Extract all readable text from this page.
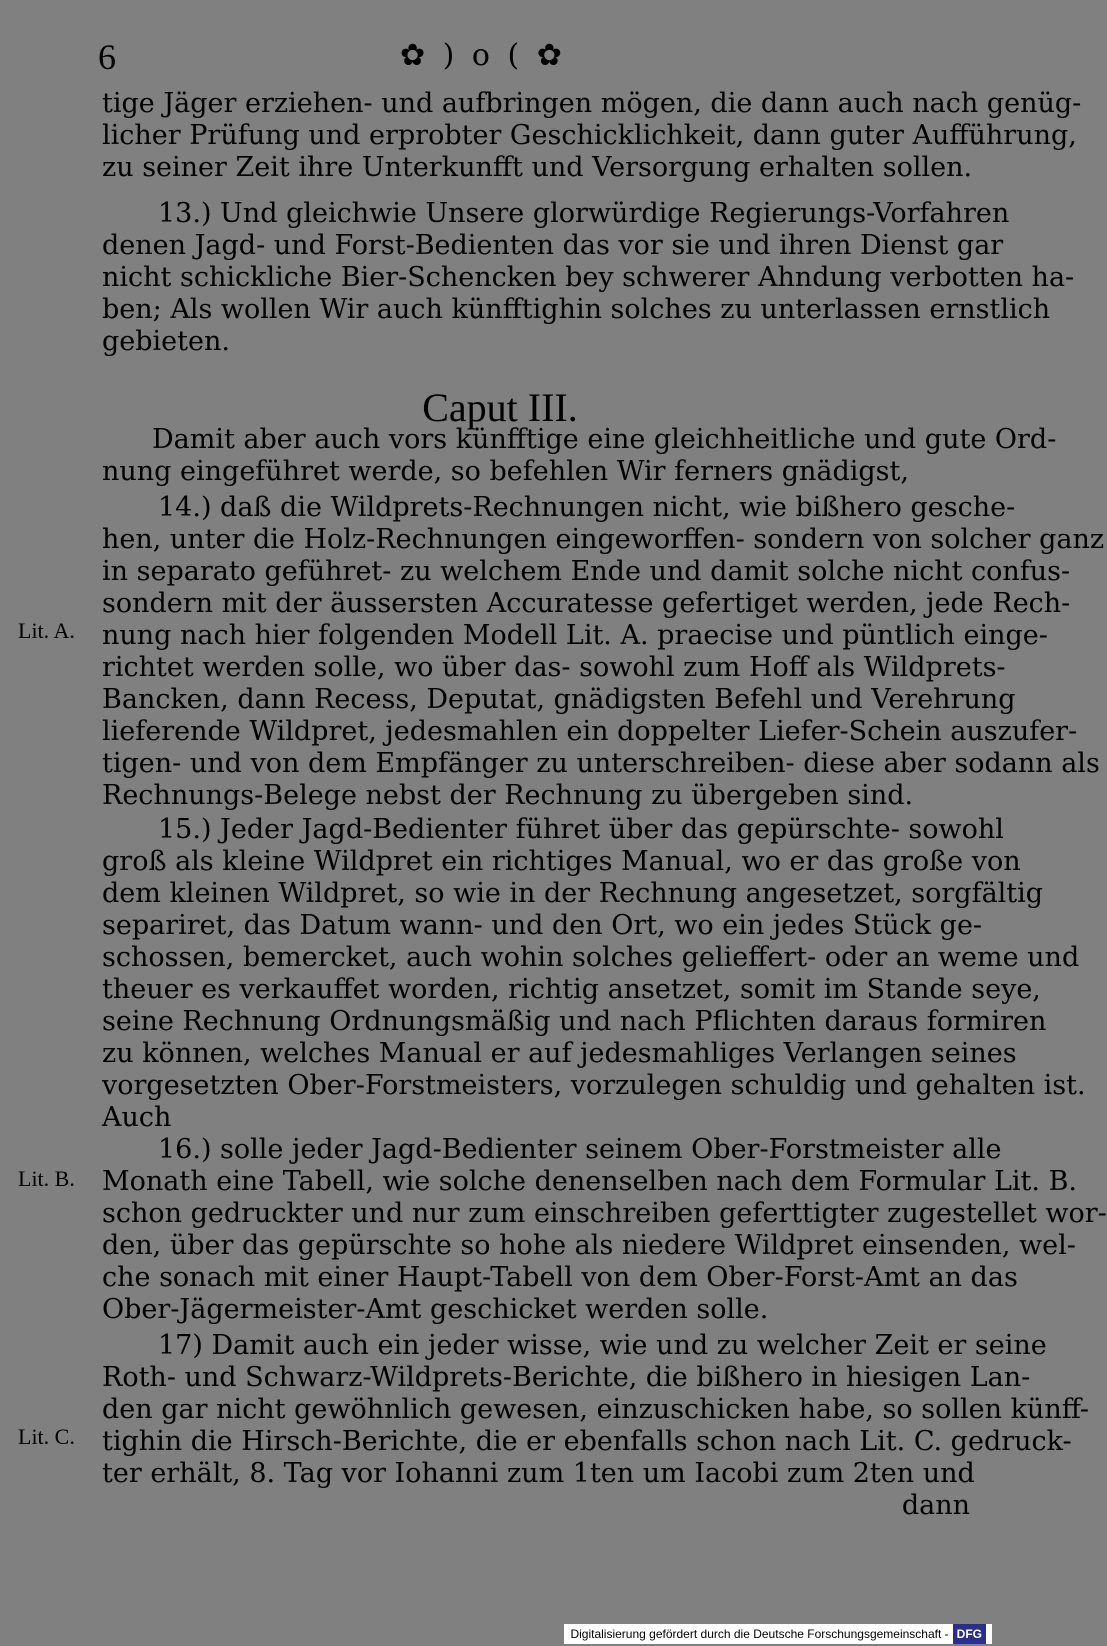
6	✿ ) o ( ✿
tige Jäger erziehen- und aufbringen mögen, die dann auch nach genüg-
licher Prüfung und erprobter Geschicklichkeit, dann guter Aufführung,
zu seiner Zeit ihre Unterkunfft und Versorgung erhalten sollen.
13.) Und gleichwie Unsere glorwürdige Regierungs-Vorfahren
denen Jagd- und Forst-Bedienten das vor sie und ihren Dienst gar
nicht schickliche Bier-Schencken bey schwerer Ahndung verbotten ha-
ben; Als wollen Wir auch künfftighin solches zu unterlassen ernstlich
gebieten.
Caput III.
Damit aber auch vors künfftige eine gleichheitliche und gute Ord-
nung eingeführet werde, so befehlen Wir ferners gnädigst,
14.) daß die Wildprets-Rechnungen nicht, wie bißhero gesche-
hen, unter die Holz-Rechnungen eingeworffen- sondern von solcher ganz
in separato geführet- zu welchem Ende und damit solche nicht confus-
sondern mit der äussersten Accuratesse gefertiget werden, jede Rech-
Lit. A. nung nach hier folgenden Modell Lit. A. praecise und püntlich einge-
richtet werden solle, wo über das- sowohl zum Hoff als Wildprets-
Bancken, dann Recess, Deputat, gnädigsten Befehl und Verehrung
lieferende Wildpret, jedesmahlen ein doppelter Liefer-Schein auszufer-
tigen- und von dem Empfänger zu unterschreiben- diese aber sodann als
Rechnungs-Belege nebst der Rechnung zu übergeben sind.
15.) Jeder Jagd-Bedienter führet über das gepürschte- sowohl
groß als kleine Wildpret ein richtiges Manual, wo er das große von
dem kleinen Wildpret, so wie in der Rechnung angesetzet, sorgfältig
separiret, das Datum wann- und den Ort, wo ein jedes Stück ge-
schossen, bemercket, auch wohin solches gelieffert- oder an weme und
theuer es verkauffet worden, richtig ansetzet, somit im Stande seye,
seine Rechnung Ordnungsmäßig und nach Pflichten daraus formiren
zu können, welches Manual er auf jedesmahliges Verlangen seines
vorgesetzten Ober-Forstmeisters, vorzulegen schuldig und gehalten ist.
Auch
16.) solle jeder Jagd-Bedienter seinem Ober-Forstmeister alle
Lit. B. Monath eine Tabell, wie solche denenselben nach dem Formular Lit. B.
schon gedruckter und nur zum einschreiben geferttigter zugestellet wor-
den, über das gepürschte so hohe als niedere Wildpret einsenden, wel-
che sonach mit einer Haupt-Tabell von dem Ober-Forst-Amt an das
Ober-Jägermeister-Amt geschicket werden solle.
17) Damit auch ein jeder wisse, wie und zu welcher Zeit er seine
Roth- und Schwarz-Wildprets-Berichte, die bißhero in hiesigen Lan-
den gar nicht gewöhnlich gewesen, einzuschicken habe, so sollen künff-
Lit. C. tighin die Hirsch-Berichte, die er ebenfalls schon nach Lit. C. gedruck-
ter erhält, 8. Tag vor Iohanni zum 1ten um Iacobi zum 2ten und
dann
Digitalisierung gefördert durch die Deutsche Forschungsgemeinschaft - DFG
